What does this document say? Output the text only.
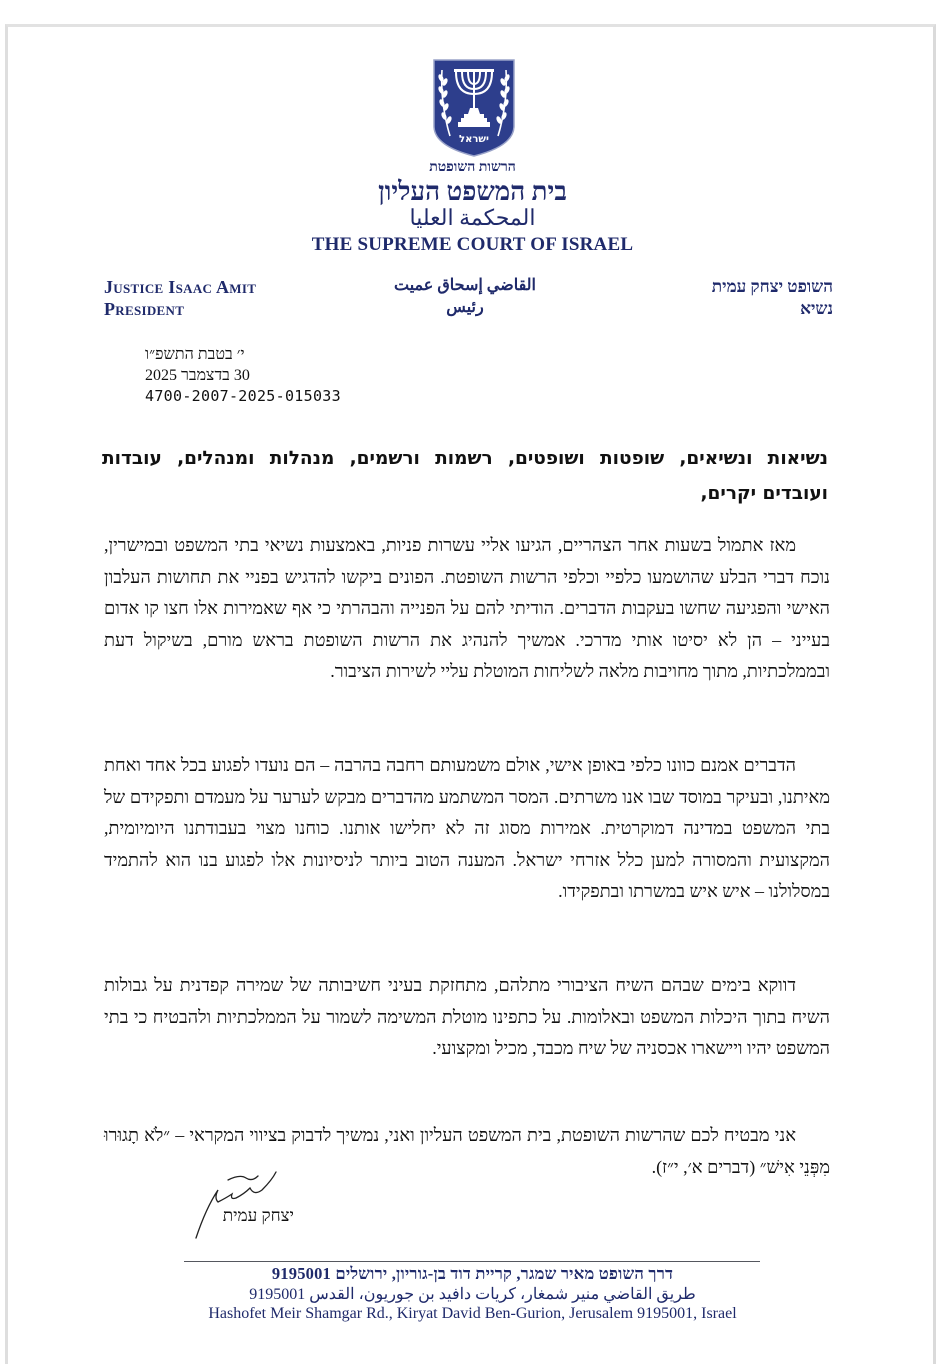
ישראל
הרשות השופטת
בית המשפט העליון
المحكمة العليا
THE SUPREME COURT OF ISRAEL
Justice Isaac Amit
President
القاضي إسحاق عميت
رئيس
השופט יצחק עמית
נשיא
י׳ בטבת התשפ״ו
30 בדצמבר 2025
4700-2007-2025-015033
נשיאות ונשיאים, שופטות ושופטים, רשמות ורשמים, מנהלות ומנהלים, עובדות ועובדים יקרים,
מאז אתמול בשעות אחר הצהריים, הגיעו אליי עשרות פניות, באמצעות נשיאי בתי המשפט ובמישרין, נוכח דברי הבלע שהושמעו כלפיי וכלפי הרשות השופטת. הפונים ביקשו להדגיש בפניי את תחושות העלבון האישי והפגיעה שחשו בעקבות הדברים. הודיתי להם על הפנייה והבהרתי כי אף שאמירות אלו חצו קו אדום בעייני – הן לא יסיטו אותי מדרכי. אמשיך להנהיג את הרשות השופטת בראש מורם, בשיקול דעת ובממלכתיות, מתוך מחויבות מלאה לשליחות המוטלת עליי לשירות הציבור.
הדברים אמנם כוונו כלפי באופן אישי, אולם משמעותם רחבה בהרבה – הם נועדו לפגוע בכל אחד ואחת מאיתנו, ובעיקר במוסד שבו אנו משרתים. המסר המשתמע מהדברים מבקש לערער על מעמדם ותפקידם של בתי המשפט במדינה דמוקרטית. אמירות מסוג זה לא יחלישו אותנו. כוחנו מצוי בעבודתנו היומיומית, המקצועית והמסורה למען כלל אזרחי ישראל. המענה הטוב ביותר לניסיונות אלו לפגוע בנו הוא להתמיד במסלולנו – איש איש במשרתו ובתפקידו.
דווקא בימים שבהם השיח הציבורי מתלהם, מתחזקת בעיני חשיבותה של שמירה קפדנית על גבולות השיח בתוך היכלות המשפט ובאלומות. על כתפינו מוטלת המשימה לשמור על הממלכתיות ולהבטיח כי בתי המשפט יהיו ויישארו אכסניה של שיח מכבד, מכיל ומקצועי.
אני מבטיח לכם שהרשות השופטת, בית המשפט העליון ואני, נמשיך לדבוק בציווי המקראי – ״לֹא תָגוּרוּ מִפְּנֵי אִישׁ״ (דברים א׳, י״ז).
יצחק עמית
דרך השופט מאיר שמגר, קריית דוד בן-גוריון, ירושלים 9195001
طريق القاضي منير شمغار، كريات دافيد بن جوريون، القدس 9195001
Hashofet Meir Shamgar Rd., Kiryat David Ben-Gurion, Jerusalem 9195001, Israel
